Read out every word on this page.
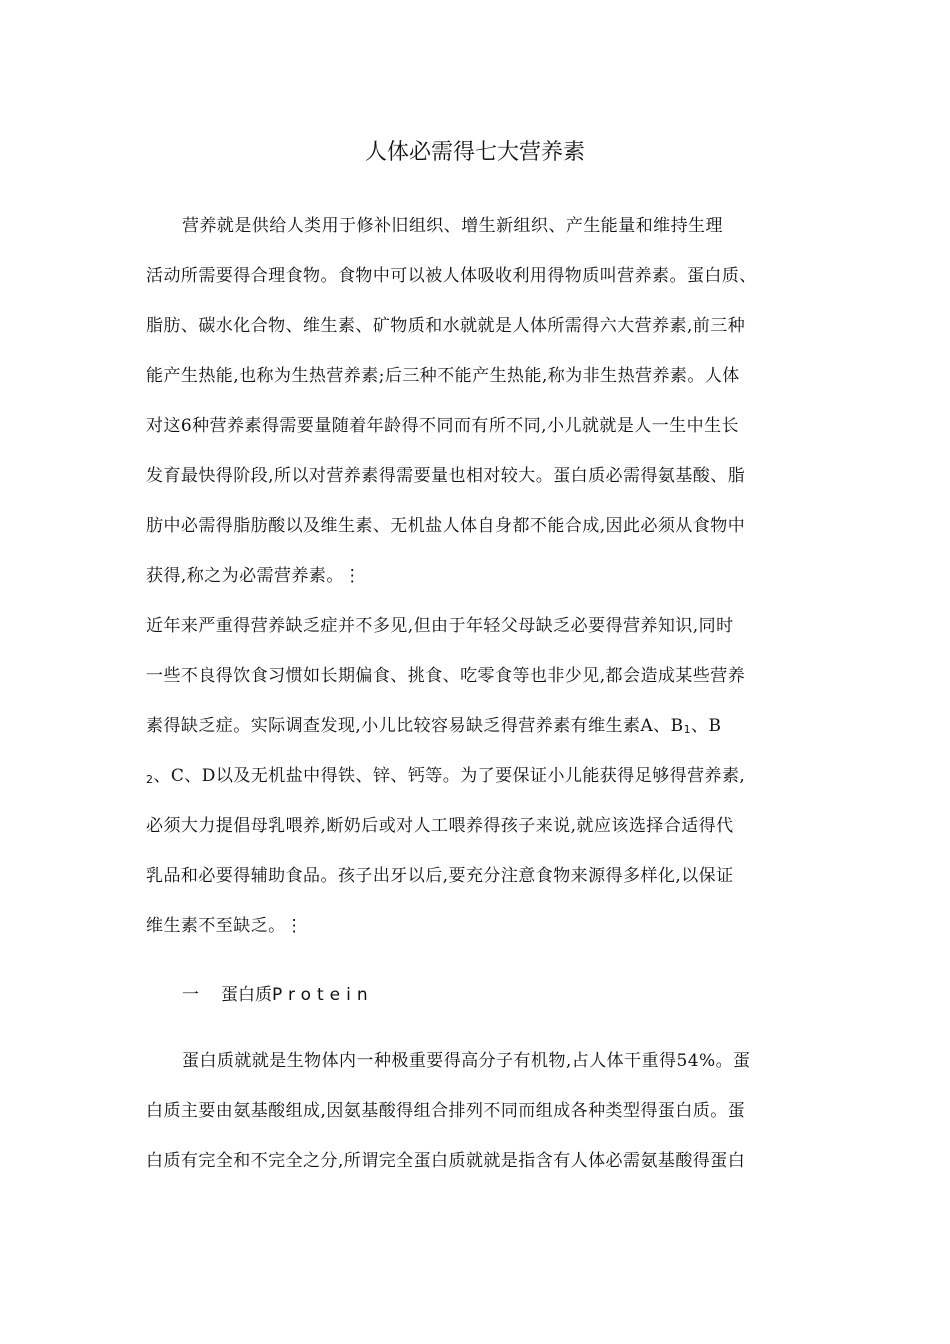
人体必需得七大营养素
营养就是供给人类用于修补旧组织、增生新组织、产生能量和维持生理
活动所需要得合理食物。食物中可以被人体吸收利用得物质叫营养素。蛋白质、
脂肪、碳水化合物、维生素、矿物质和水就就是人体所需得六大营养素,前三种
能产生热能,也称为生热营养素;后三种不能产生热能,称为非生热营养素。人体
对这6种营养素得需要量随着年龄得不同而有所不同,小儿就就是人一生中生长
发育最快得阶段,所以对营养素得需要量也相对较大。蛋白质必需得氨基酸、脂
肪中必需得脂肪酸以及维生素、无机盐人体自身都不能合成,因此必须从食物中
获得,称之为必需营养素。⋮
近年来严重得营养缺乏症并不多见,但由于年轻父母缺乏必要得营养知识,同时
一些不良得饮食习惯如长期偏食、挑食、吃零食等也非少见,都会造成某些营养
素得缺乏症。实际调查发现,小儿比较容易缺乏得营养素有维生素A、B1、B
2、C、D以及无机盐中得铁、锌、钙等。为了要保证小儿能获得足够得营养素,
必须大力提倡母乳喂养,断奶后或对人工喂养得孩子来说,就应该选择合适得代
乳品和必要得辅助食品。孩子出牙以后,要充分注意食物来源得多样化,以保证
维生素不至缺乏。⋮
一 蛋白质Protein
蛋白质就就是生物体内一种极重要得高分子有机物,占人体干重得54%。蛋
白质主要由氨基酸组成,因氨基酸得组合排列不同而组成各种类型得蛋白质。蛋
白质有完全和不完全之分,所谓完全蛋白质就就是指含有人体必需氨基酸得蛋白
